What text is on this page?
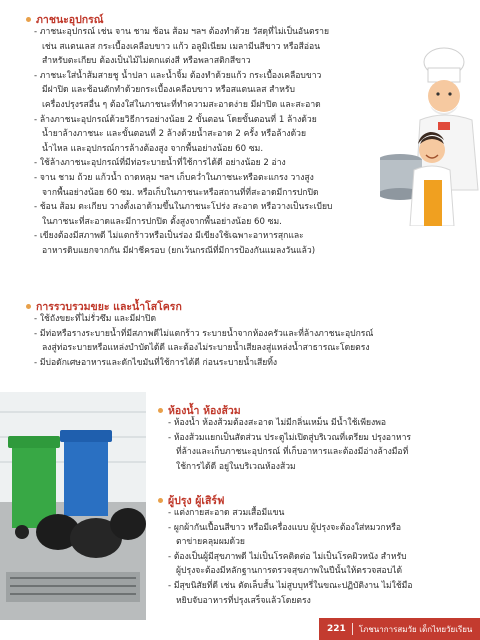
ภาชนะอุปกรณ์
- ภาชนะอุปกรณ์ เช่น จาน ชาม ช้อน ส้อม ฯลฯ ต้องทำด้วย วัสดุที่ไม่เป็นอันตราย
เช่น สแตนเลส กระเบื้องเคลือบขาว แก้ว อลูมิเนียม เมลามีนสีขาว หรือสีอ่อน
สำหรับตะเกียบ ต้องเป็นไม้ไม่ตกแต่งสี หรือพลาสติกสีขาว
- ภาชนะใส่น้ำส้มสายชู น้ำปลา และน้ำจิ้ม ต้องทำด้วยแก้ว กระเบื้องเคลือบขาว
มีฝาปิด และช้อนตักทำด้วยกระเบื้องเคลือบขาว หรือสแตนเลส สำหรับ
เครื่องปรุงรสอื่น ๆ ต้องใส่ในภาชนะที่ทำความสะอาดง่าย มีฝาปิด และสะอาด
- ล้างภาชนะอุปกรณ์ด้วยวิธีการอย่างน้อย 2 ขั้นตอน โดยขั้นตอนที่ 1 ล้างด้วย
น้ำยาล้างภาชนะ และขั้นตอนที่ 2 ล้างด้วยน้ำสะอาด 2 ครั้ง หรือล้างด้วย
น้ำไหล และอุปกรณ์การล้างต้องสูง จากพื้นอย่างน้อย 60 ซม.
- ใช้ล้างภาชนะอุปกรณ์ที่มีท่อระบายน้ำที่ใช้การได้ดี อย่างน้อย 2 อ่าง
- จาน ชาม ถ้วย แก้วน้ำ ถาดหลุม ฯลฯ เก็บคว่ำในภาชนะหรือตะแกรง วางสูง
จากพื้นอย่างน้อย 60 ซม. หรือเก็บในภาชนะหรือสถานที่ที่สะอาดมีการปกปิด
- ช้อน ส้อม ตะเกียบ วางตั้งเอาด้ามขึ้นในภาชนะโปร่ง สะอาด หรือวางเป็นระเบียบ
ในภาชนะที่สะอาดและมีการปกปิด ตั้งสูงจากพื้นอย่างน้อย 60 ซม.
- เขียงต้องมีสภาพดี ไม่แตกร้าวหรือเป็นร่อง มีเขียงใช้เฉพาะอาหารสุกและ
อาหารดิบแยกจากกัน มีฝาชีครอบ (ยกเว้นกรณีที่มีการป้องกันแมลงวันแล้ว)
การรวบรวมขยะ และน้ำโสโครก
- ใช้ถังขยะที่ไม่รั่วซึม และมีฝาปิด
- มีท่อหรือรางระบายน้ำที่มีสภาพดีไม่แตกร้าว ระบายน้ำจากห้องครัวและที่ล้างภาชนะอุปกรณ์
ลงสู่ท่อระบายหรือแหล่งบำบัดได้ดี และต้องไม่ระบายน้ำเสียลงสู่แหล่งน้ำสาธารณะโดยตรง
- มีบ่อดักเศษอาหารและดักไขมันที่ใช้การได้ดี ก่อนระบายน้ำเสียทิ้ง
ห้องน้ำ ห้องส้วม
- ห้องน้ำ ห้องส้วมต้องสะอาด ไม่มีกลิ่นเหม็น มีน้ำใช้เพียงพอ
- ห้องส้วมแยกเป็นสัดส่วน ประตูไม่เปิดสู่บริเวณที่เตรียม ปรุงอาหาร
ที่ล้างและเก็บภาชนะอุปกรณ์ ที่เก็บอาหารและต้องมีอ่างล้างมือที่
ใช้การได้ดี อยู่ในบริเวณห้องส้วม
ผู้ปรุง ผู้เสิร์ฟ
- แต่งกายสะอาด สวมเสื้อมีแขน
- ผูกผ้ากันเปื้อนสีขาว หรือมีเครื่องแบบ ผู้ปรุงจะต้องใส่หมวกหรือ
ตาข่ายคลุมผมด้วย
- ต้องเป็นผู้มีสุขภาพดี ไม่เป็นโรคติดต่อ ไม่เป็นโรคผิวหนัง สำหรับ
ผู้ปรุงจะต้องมีหลักฐานการตรวจสุขภาพในปีนั้นให้ตรวจสอบได้
- มีสุขนิสัยที่ดี เช่น ตัดเล็บสั้น ไม่สูบบุหรี่ในขณะปฏิบัติงาน ไม่ใช้มือ
หยิบจับอาหารที่ปรุงเสร็จแล้วโดยตรง
221	โภชนาการสมวัย เด็กไทยวัยเรียน
